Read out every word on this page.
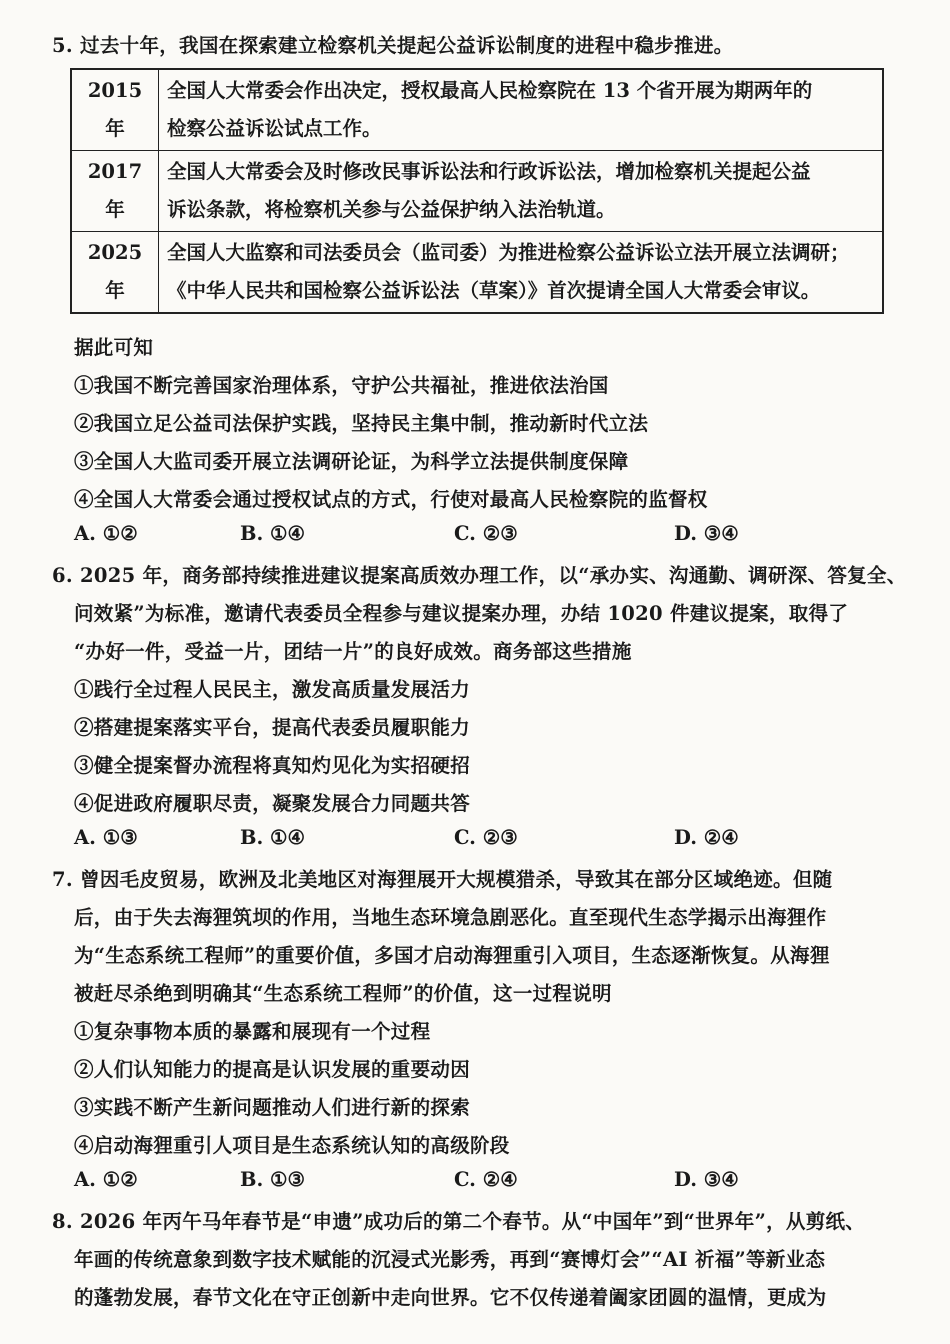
5. 过去十年，我国在探索建立检察机关提起公益诉讼制度的进程中稳步推进。
2015 年	全国人大常委会作出决定，授权最高人民检察院在 13 个省开展为期两年的
检察公益诉讼试点工作。

2017 年	全国人大常委会及时修改民事诉讼法和行政诉讼法，增加检察机关提起公益
诉讼条款，将检察机关参与公益保护纳入法治轨道。

2025 年	全国人大监察和司法委员会（监司委）为推进检察公益诉讼立法开展立法调研；
《中华人民共和国检察公益诉讼法（草案）》首次提请全国人大常委会审议。
据此可知
①我国不断完善国家治理体系，守护公共福祉，推进依法治国
②我国立足公益司法保护实践，坚持民主集中制，推动新时代立法
③全国人大监司委开展立法调研论证，为科学立法提供制度保障
④全国人大常委会通过授权试点的方式，行使对最高人民检察院的监督权
A. ①②	B. ①④	C. ②③	D. ③④
6. 2025 年，商务部持续推进建议提案高质效办理工作，以“承办实、沟通勤、调研深、答复全、
问效紧”为标准，邀请代表委员全程参与建议提案办理，办结 1020 件建议提案，取得了
“办好一件，受益一片，团结一片”的良好成效。商务部这些措施
①践行全过程人民民主，激发高质量发展活力
②搭建提案落实平台，提高代表委员履职能力
③健全提案督办流程将真知灼见化为实招硬招
④促进政府履职尽责，凝聚发展合力同题共答
A. ①③	B. ①④	C. ②③	D. ②④
7. 曾因毛皮贸易，欧洲及北美地区对海狸展开大规模猎杀，导致其在部分区域绝迹。但随
后，由于失去海狸筑坝的作用，当地生态环境急剧恶化。直至现代生态学揭示出海狸作
为“生态系统工程师”的重要价值，多国才启动海狸重引入项目，生态逐渐恢复。从海狸
被赶尽杀绝到明确其“生态系统工程师”的价值，这一过程说明
①复杂事物本质的暴露和展现有一个过程
②人们认知能力的提高是认识发展的重要动因
③实践不断产生新问题推动人们进行新的探索
④启动海狸重引人项目是生态系统认知的高级阶段
A. ①②	B. ①③	C. ②④	D. ③④
8. 2026 年丙午马年春节是“申遗”成功后的第二个春节。从“中国年”到“世界年”，从剪纸、
年画的传统意象到数字技术赋能的沉浸式光影秀，再到“赛博灯会”“AI 祈福”等新业态
的蓬勃发展，春节文化在守正创新中走向世界。它不仅传递着阖家团圆的温情，更成为
